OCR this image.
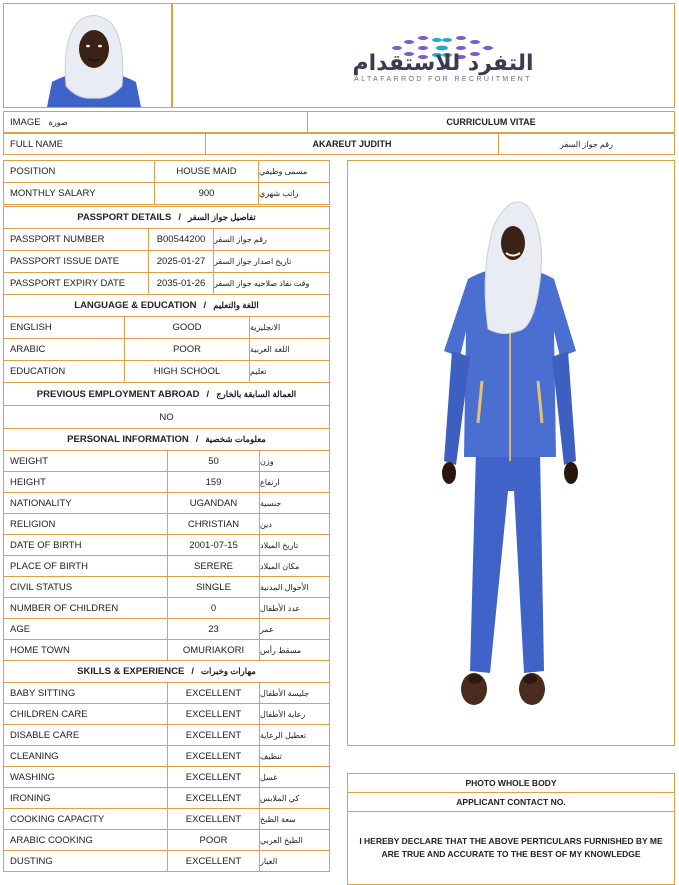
التفرد للاستقدام
ALTAFARROD FOR RECRUITMENT
IMAGE صورة	CURRICULUM VITAE
FULL NAME	AKAREUT JUDITH	رقم جواز السفر
POSITION	HOUSE MAID	مسمى وظيفي
MONTHLY SALARY	900	راتب شهري
PASSPORT DETAILS / تفاصيل جواز السفر
PASSPORT NUMBER	B00544200	رقم جواز السفر
PASSPORT ISSUE DATE	2025-01-27	تاريخ اصدار جواز السفر
PASSPORT EXPIRY DATE	2035-01-26	وقت نفاذ صلاحيه جواز السفر
LANGUAGE & EDUCATION / اللغة والتعليم
ENGLISH	GOOD	الانجليزية
ARABIC	POOR	اللغة العربية
EDUCATION	HIGH SCHOOL	تعليم
PREVIOUS EMPLOYMENT ABROAD / العمالة السابقة بالخارج
NO
PERSONAL INFORMATION / معلومات شخصية
WEIGHT	50	وزن
HEIGHT	159	ارتفاع
NATIONALITY	UGANDAN	جنسية
RELIGION	CHRISTIAN	دين
DATE OF BIRTH	2001-07-15	تاريخ الميلاد
PLACE OF BIRTH	SERERE	مكان الميلاد
CIVIL STATUS	SINGLE	الأحوال المدنية
NUMBER OF CHILDREN	0	عدد الأطفال
AGE	23	عمر
HOME TOWN	OMURIAKORI	مسقط رأس
SKILLS & EXPERIENCE / مهارات وخبرات
BABY SITTING	EXCELLENT	جليسة الأطفال
CHILDREN CARE	EXCELLENT	رعاية الأطفال
DISABLE CARE	EXCELLENT	تعطيل الرعاية
CLEANING	EXCELLENT	تنظيف
WASHING	EXCELLENT	غسل
IRONING	EXCELLENT	كي الملابس
COOKING CAPACITY	EXCELLENT	سعة الطبخ
ARABIC COOKING	POOR	الطبخ العربي
DUSTING	EXCELLENT	الغبار
PHOTO WHOLE BODY
APPLICANT CONTACT NO.
I HEREBY DECLARE THAT THE ABOVE PERTICULARS FURNISHED BY ME ARE TRUE AND ACCURATE TO THE BEST OF MY KNOWLEDGE
